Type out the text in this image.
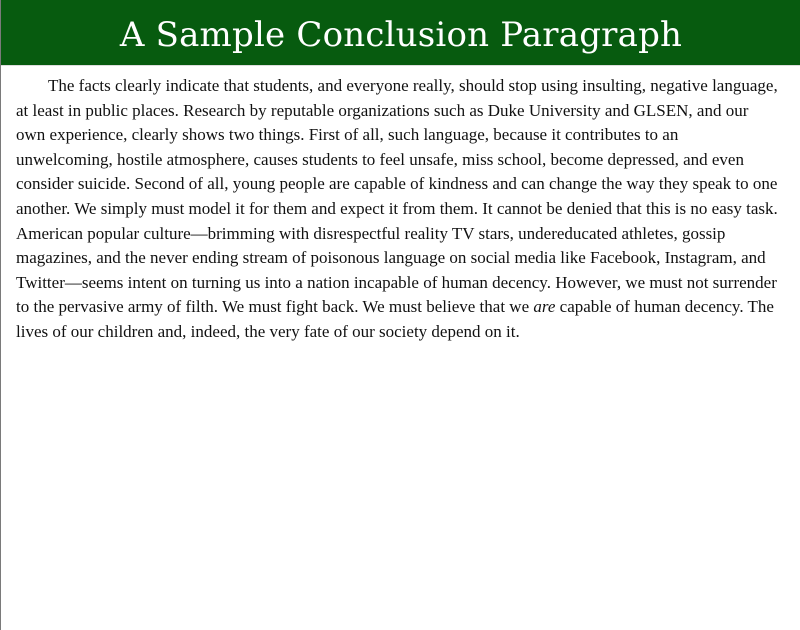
A Sample Conclusion Paragraph

The facts clearly indicate that students, and everyone really, should stop using insulting, negative language, at least in public places. Research by reputable organizations such as Duke University and GLSEN, and our own experience, clearly shows two things. First of all, such language, because it contributes to an unwelcoming, hostile atmosphere, causes students to feel unsafe, miss school, become depressed, and even consider suicide. Second of all, young people are capable of kindness and can change the way they speak to one another. We simply must model it for them and expect it from them. It cannot be denied that this is no easy task. American popular culture—brimming with disrespectful reality TV stars, undereducated athletes, gossip magazines, and the never ending stream of poisonous language on social media like Facebook, Instagram, and Twitter—seems intent on turning us into a nation incapable of human decency. However, we must not surrender to the pervasive army of filth. We must fight back. We must believe that we are capable of human decency. The lives of our children and, indeed, the very fate of our society depend on it.
